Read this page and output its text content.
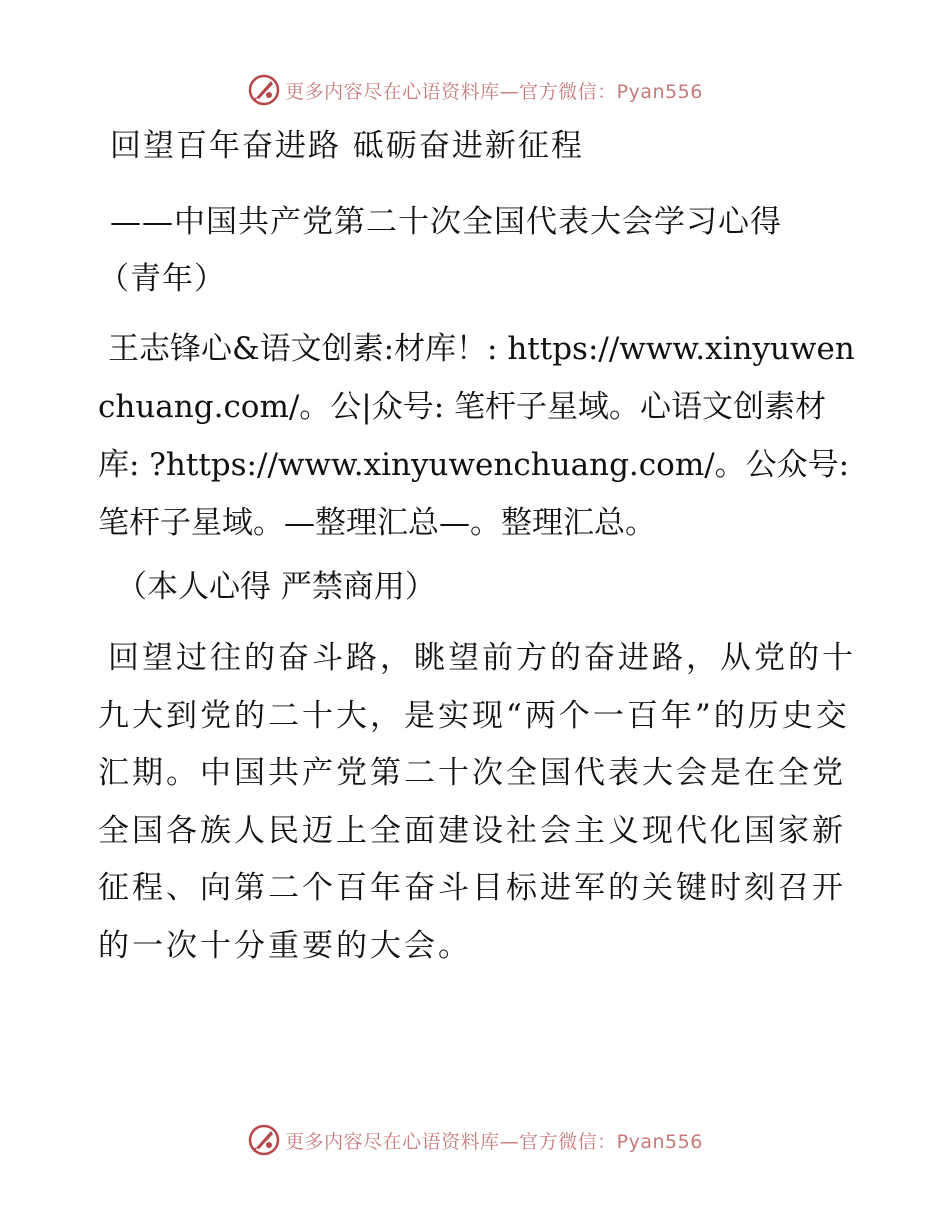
更多内容尽在心语资料库—官方微信：Pyan556
回望百年奋进路 砥砺奋进新征程
——中国共产党第二十次全国代表大会学习心得
（青年）

王志锋心&语文创素:材库！: https://www.xinyuwenchuang.com/。公|众号: 笔杆子星域。心语文创素材库: ?https://www.xinyuwenchuang.com/。公众号: 笔杆子星域。—整理汇总—。整理汇总。

（本人心得 严禁商用）

回望过往的奋斗路，眺望前方的奋进路，从党的十九大到党的二十大，是实现“两个一百年”的历史交汇期。中国共产党第二十次全国代表大会是在全党全国各族人民迈上全面建设社会主义现代化国家新征程、向第二个百年奋斗目标进军的关键时刻召开的一次十分重要的大会。

更多内容尽在心语资料库—官方微信：Pyan556
